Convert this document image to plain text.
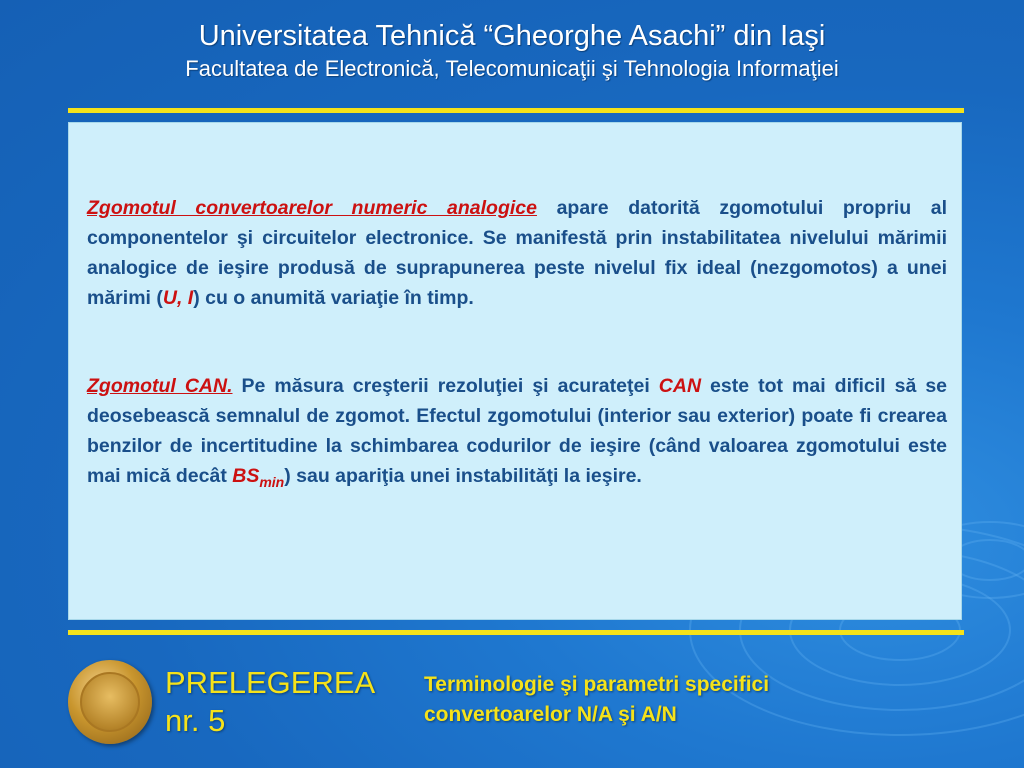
Universitatea Tehnică “Gheorghe Asachi” din Iaşi
Facultatea de Electronică, Telecomunicaţii şi Tehnologia Informaţiei

Zgomotul convertoarelor numeric analogice apare datorită zgomotului propriu al componentelor şi circuitelor electronice. Se manifestă prin instabilitatea nivelului mărimii analogice de ieşire produsă de suprapunerea peste nivelul fix ideal (nezgomotos) a unei mărimi (U, I) cu o anumită variaţie în timp.

Zgomotul CAN. Pe măsura creşterii rezoluţiei şi acurateţei CAN este tot mai dificil să se deosebească semnalul de zgomot. Efectul zgomotului (interior sau exterior) poate fi crearea benzilor de incertitudine la schimbarea codurilor de ieşire (când valoarea zgomotului este mai mică decât $BS_{min}$) sau apariţia unei instabilităţi la ieşire.

PRELEGEREA
nr. 5
Terminologie şi parametri specifici
convertoarelor N/A şi A/N
